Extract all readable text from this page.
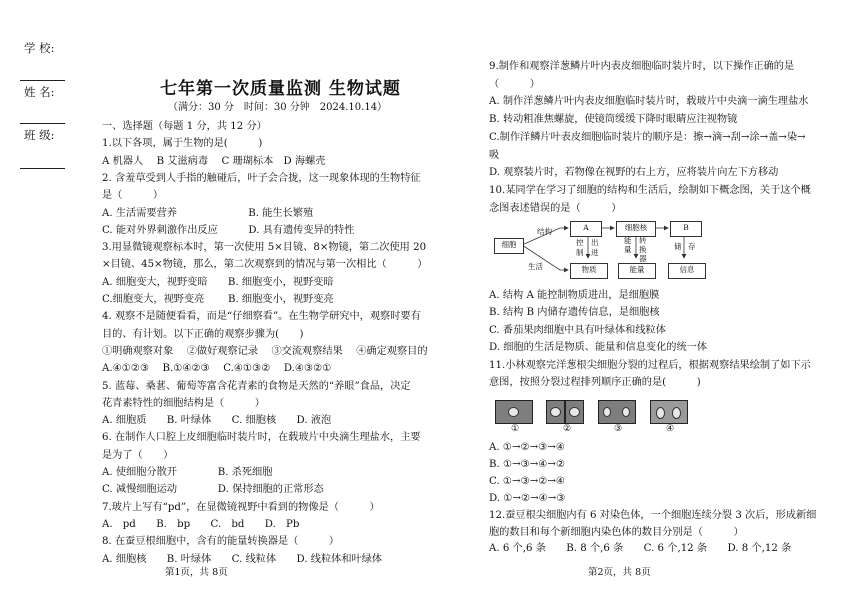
学 校:
姓 名:
班 级:
七年第一次质量监测 生物试题
（满分：30 分　时间：30 分钟　2024.10.14）
一、选择题（每题 1 分，共 12 分）
1.以下各项，属于生物的是(　　　)
A 机器人　 B 艾滋病毒　 C 珊瑚标本　D 海螺壳
2. 含羞草受到人手指的触碰后，叶子会合拢，这一现象体现的生物特征
是（　　　）
A. 生活需要营养　　　　　　　B. 能生长繁殖
C. 能对外界刺激作出反应　　　D. 具有遗传变异的特性
3.用显微镜观察标本时，第一次使用 5×目镜、8×物镜，第二次使用 20
×目镜、45×物镜，那么，第二次观察到的情况与第一次相比（　　　）
A. 细胞变大，视野变暗　　B. 细胞变小，视野变暗
C.细胞变大，视野变亮　　 B. 细胞变小，视野变亮
4. 观察不是随便看看，而是“仔细察看”。在生物学研究中，观察时要有
目的、有计划。以下正确的观察步骤为(　　)
①明确观察对象　 ②做好观察记录　 ③交流观察结果　 ④确定观察目的
A.④①②③　 B.①④②③　 C.④①③②　 D.④③②①
5. 蓝莓、桑葚、葡萄等富含花青素的食物是天然的“养眼”食品，决定
花青素特性的细胞结构是（　　　）
A. 细胞质　　B. 叶绿体　　C. 细胞核　　D. 液泡
6. 在制作人口腔上皮细胞临时装片时，在载玻片中央滴生理盐水，主要
是为了（　　）
A. 使细胞分散开　　　　B. 杀死细胞
C. 减慢细胞运动　　　　D. 保持细胞的正常形态
7.玻片上写有“pd”，在显微镜视野中看到的物像是（　　　）
A.　pd　　B.　bp　　C.　bd　　D.　Pb
8. 在蚕豆根细胞中，含有的能量转换器是（　　　）
A. 细胞核　　B. 叶绿体　　C. 线粒体　　D. 线粒体和叶绿体
第1页，共 8页
9.制作和观察洋葱鳞片叶内表皮细胞临时装片时，以下操作正确的是
（　　　）
A. 制作洋葱鳞片叶内表皮细胞临时装片时，载玻片中央滴一滴生理盐水
B. 转动粗准焦螺旋，使镜筒缓缓下降时眼睛应注视物镜
C.制作洋鳞片叶表皮细胞临时装片的顺序是：擦→滴→刮→涂→盖→染→
吸
D. 观察装片时，若物像在视野的右上方，应将装片向左下方移动
10.某同学在学习了细胞的结构和生活后，绘制如下概念图，关于这个概
念图表述错误的是（　　　）
细胞
A	细胞核	B
物质	能量	信息
结构
生活
控
制
出
进
能
量
转
换
器
储 存
A. 结构 A 能控制物质进出，是细胞膜
B. 结构 B 内储存遗传信息，是细胞核
C. 番茄果肉细胞中具有叶绿体和线粒体
D. 细胞的生活是物质、能量和信息变化的统一体
11.小林观察完洋葱根尖细胞分裂的过程后，根据观察结果绘制了如下示
意图，按照分裂过程排列顺序正确的是(　　　)
①	②	③	④
A. ①→②→③→④
B. ①→③→④→②
C. ①→③→②→④
D. ①→②→④→③
12.蚕豆根尖细胞内有 6 对染色体，一个细胞连续分裂 3 次后，形成新细
胞的数目和每个新细胞内染色体的数目分别是（　　　）
A. 6 个,6 条　　B. 8 个,6 条　　C. 6 个,12 条　　D. 8 个,12 条
第2页，共 8页
